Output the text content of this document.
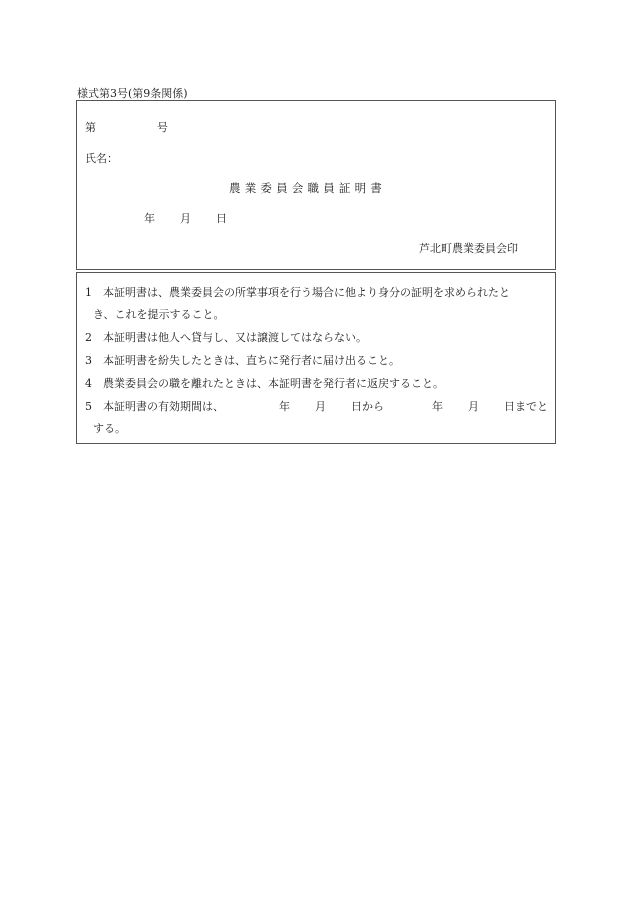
様式第3号(第9条関係)
第	号
氏名：
農業委員会職員証明書
年 月 日
芦北町農業委員会印
1 本証明書は、農業委員会の所掌事項を行う場合に他より身分の証明を求められたと
き、これを提示すること。
2 本証明書は他人へ貸与し、又は譲渡してはならない。
3 本証明書を紛失したときは、直ちに発行者に届け出ること。
4 農業委員会の職を離れたときは、本証明書を発行者に返戻すること。
5 本証明書の有効期間は、	年 月 日から	年 月 日までと
する。
